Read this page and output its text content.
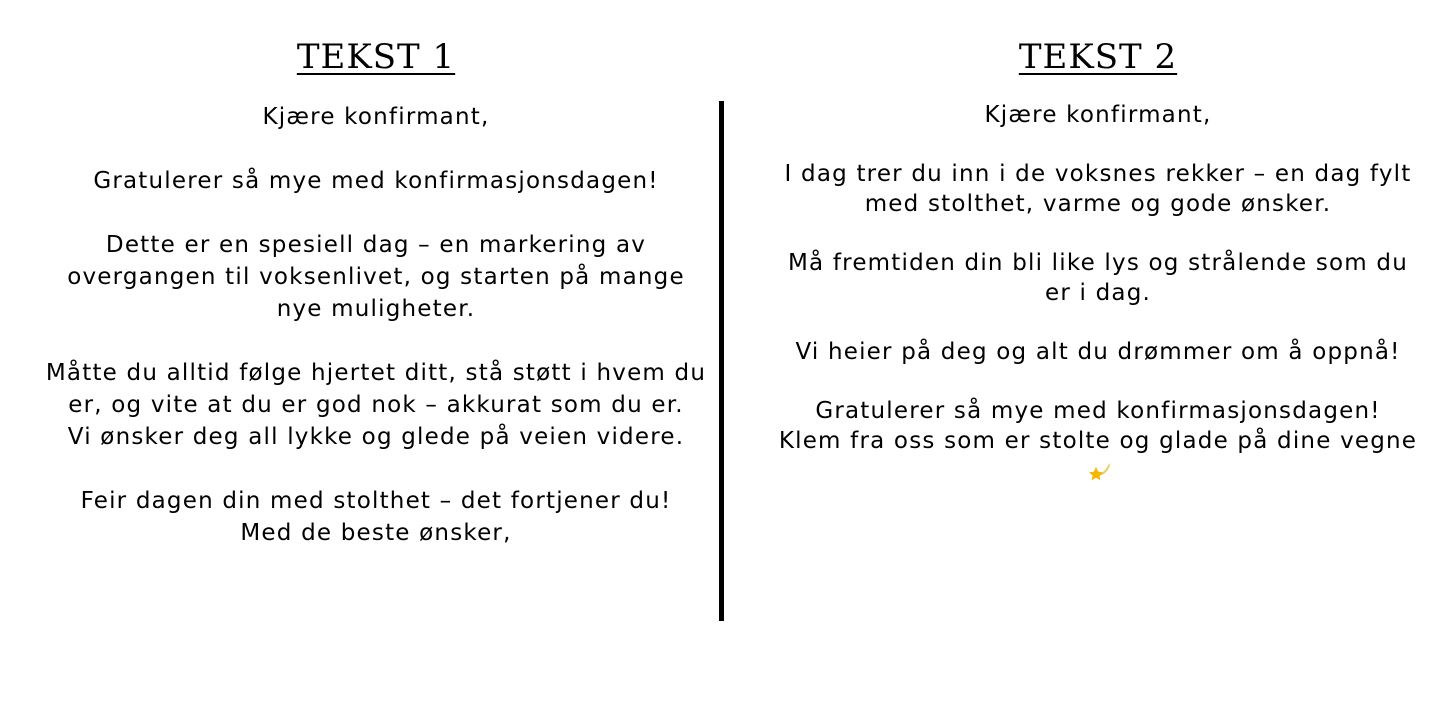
TEKST 1

Kjære konfirmant,

Gratulerer så mye med konfirmasjonsdagen!

Dette er en spesiell dag – en markering av overgangen til voksenlivet, og starten på mange nye muligheter.

Måtte du alltid følge hjertet ditt, stå støtt i hvem du er, og vite at du er god nok – akkurat som du er.
Vi ønsker deg all lykke og glede på veien videre.

Feir dagen din med stolthet – det fortjener du!
Med de beste ønsker,

TEKST 2

Kjære konfirmant,

I dag trer du inn i de voksnes rekker – en dag fylt med stolthet, varme og gode ønsker.

Må fremtiden din bli like lys og strålende som du er i dag.

Vi heier på deg og alt du drømmer om å oppnå!

Gratulerer så mye med konfirmasjonsdagen!
Klem fra oss som er stolte og glade på dine vegne
